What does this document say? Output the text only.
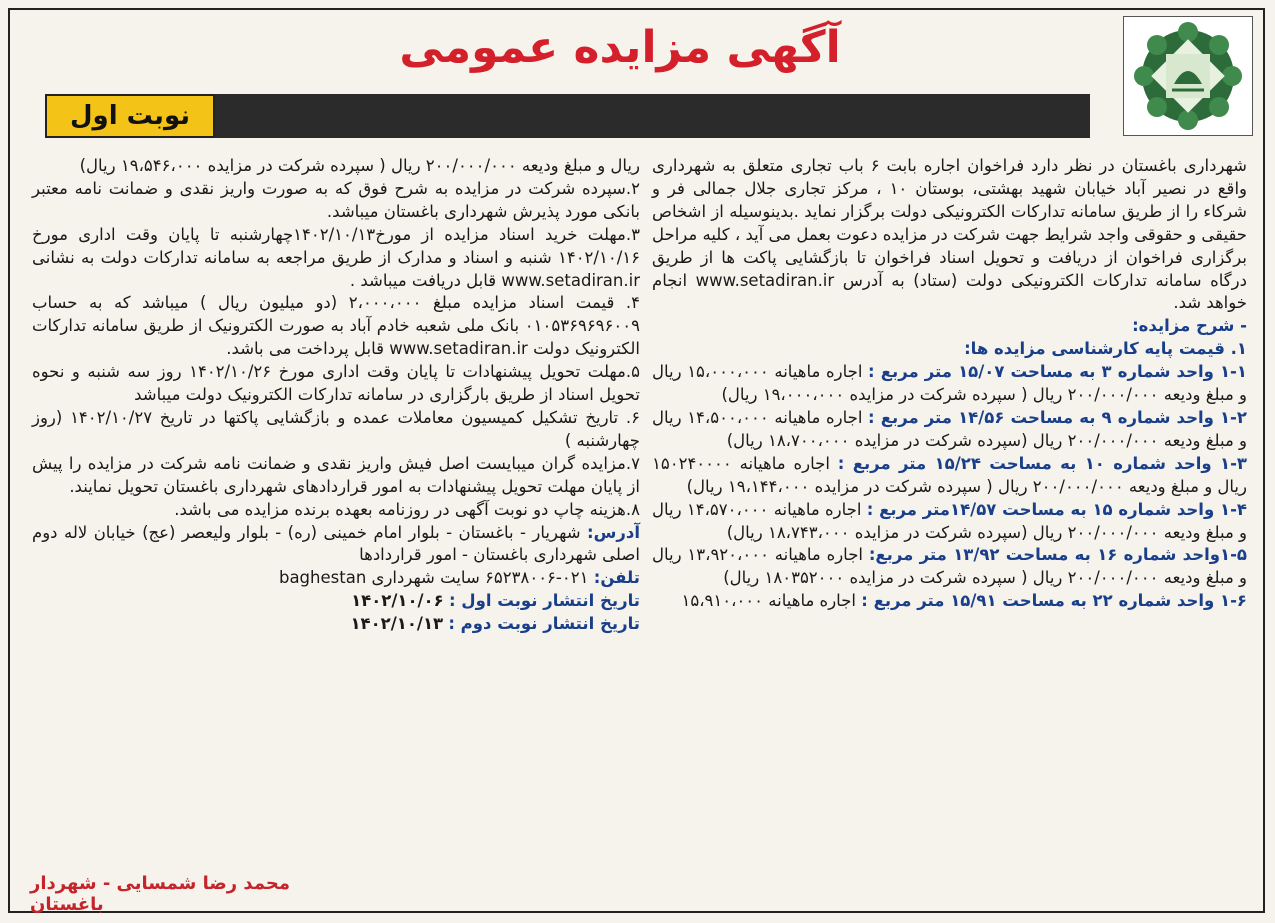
آگهی مزایده عمومی
نوبت اول

شهرداری باغستان در نظر دارد فراخوان اجاره بابت ۶ باب تجاری متعلق به شهرداری واقع در نصیر آباد خیابان شهید بهشتی، بوستان ۱۰ ، مرکز تجاری جلال جمالی فر و شرکاء را از طریق سامانه تدارکات الکترونیکی دولت برگزار نماید .بدینوسیله از اشخاص حقیقی و حقوقی واجد شرایط جهت شرکت در مزایده دعوت بعمل می آید ، کلیه مراحل برگزاری فراخوان از دریافت و تحویل اسناد فراخوان تا بازگشایی پاکت ها از طریق درگاه سامانه تدارکات الکترونیکی دولت (ستاد) به آدرس www.setadiran.ir انجام خواهد شد.

- شرح مزایده:

۱. قیمت پایه کارشناسی مزایده ها:

۱-۱ واحد شماره ۳ به مساحت ۱۵/۰۷ متر مربع : اجاره ماهیانه ۱۵،۰۰۰،۰۰۰ ریال و مبلغ ودیعه ۲۰۰/۰۰۰/۰۰۰ ریال ( سپرده شرکت در مزایده ۱۹،۰۰۰،۰۰۰ ریال)

۱-۲ واحد شماره ۹ به مساحت ۱۴/۵۶ متر مربع : اجاره ماهیانه ۱۴،۵۰۰،۰۰۰ ریال و مبلغ ودیعه ۲۰۰/۰۰۰/۰۰۰ ریال (سپرده شرکت در مزایده ۱۸،۷۰۰،۰۰۰ ریال)

۱-۳ واحد شماره ۱۰ به مساحت ۱۵/۲۴ متر مربع : اجاره ماهیانه ۱۵۰۲۴۰۰۰۰ ریال و مبلغ ودیعه ۲۰۰/۰۰۰/۰۰۰ ریال ( سپرده شرکت در مزایده ۱۹،۱۴۴،۰۰۰ ریال)

۱-۴ واحد شماره ۱۵ به مساحت ۱۴/۵۷متر مربع : اجاره ماهیانه ۱۴،۵۷۰،۰۰۰ ریال و مبلغ ودیعه ۲۰۰/۰۰۰/۰۰۰ ریال (سپرده شرکت در مزایده ۱۸،۷۴۳،۰۰۰ ریال)

۱-۵واحد شماره ۱۶ به مساحت ۱۳/۹۲ متر مربع: اجاره ماهیانه ۱۳،۹۲۰،۰۰۰ ریال و مبلغ ودیعه ۲۰۰/۰۰۰/۰۰۰ ریال ( سپرده شرکت در مزایده ۱۸۰۳۵۲۰۰۰ ریال)

۱-۶ واحد شماره ۲۲ به مساحت ۱۵/۹۱ متر مربع : اجاره ماهیانه ۱۵،۹۱۰،۰۰۰

ریال و مبلغ ودیعه ۲۰۰/۰۰۰/۰۰۰ ریال ( سپرده شرکت در مزایده ۱۹،۵۴۶،۰۰۰ ریال)

۲.سپرده شرکت در مزایده به شرح فوق که به صورت واریز نقدی و ضمانت نامه معتبر بانکی مورد پذیرش شهرداری باغستان میباشد.

۳.مهلت خرید اسناد مزایده از مورخ۱۴۰۲/۱۰/۱۳چهارشنبه تا پایان وقت اداری مورخ ۱۴۰۲/۱۰/۱۶ شنبه و اسناد و مدارک از طریق مراجعه به سامانه تدارکات دولت به نشانی www.setadiran.ir قابل دریافت میباشد .

۴. قیمت اسناد مزایده مبلغ ۲،۰۰۰،۰۰۰ (دو میلیون ریال ) میباشد که به حساب ۰۱۰۵۳۶۹۶۹۶۰۰۹ بانک ملی شعبه خادم آباد به صورت الکترونیک از طریق سامانه تدارکات الکترونیک دولت www.setadiran.ir قابل پرداخت می باشد.

۵.مهلت تحویل پیشنهادات تا پایان وقت اداری مورخ ۱۴۰۲/۱۰/۲۶ روز سه شنبه و نحوه تحویل اسناد از طریق بارگزاری در سامانه تدارکات الکترونیک دولت میباشد

۶. تاریخ تشکیل کمیسیون معاملات عمده و بازگشایی پاکتها در تاریخ ۱۴۰۲/۱۰/۲۷ (روز چهارشنبه )

۷.مزایده گران میبایست اصل فیش واریز نقدی و ضمانت نامه شرکت در مزایده را پیش از پایان مهلت تحویل پیشنهادات به امور قراردادهای شهرداری باغستان تحویل نمایند.

۸.هزینه چاپ دو نوبت آگهی در روزنامه بعهده برنده مزایده می باشد.

آدرس: شهریار - باغستان - بلوار امام خمینی (ره) - بلوار ولیعصر (عج) خیابان لاله دوم اصلی شهرداری باغستان - امور قراردادها

تلفن: ۰۲۱-۶۵۲۳۸۰۰۶ سایت شهرداری baghestan

تاریخ انتشار نوبت اول : ۱۴۰۲/۱۰/۰۶

تاریخ انتشار نوبت دوم : ۱۴۰۲/۱۰/۱۳

محمد رضا شمسایی - شهردار باغستان
